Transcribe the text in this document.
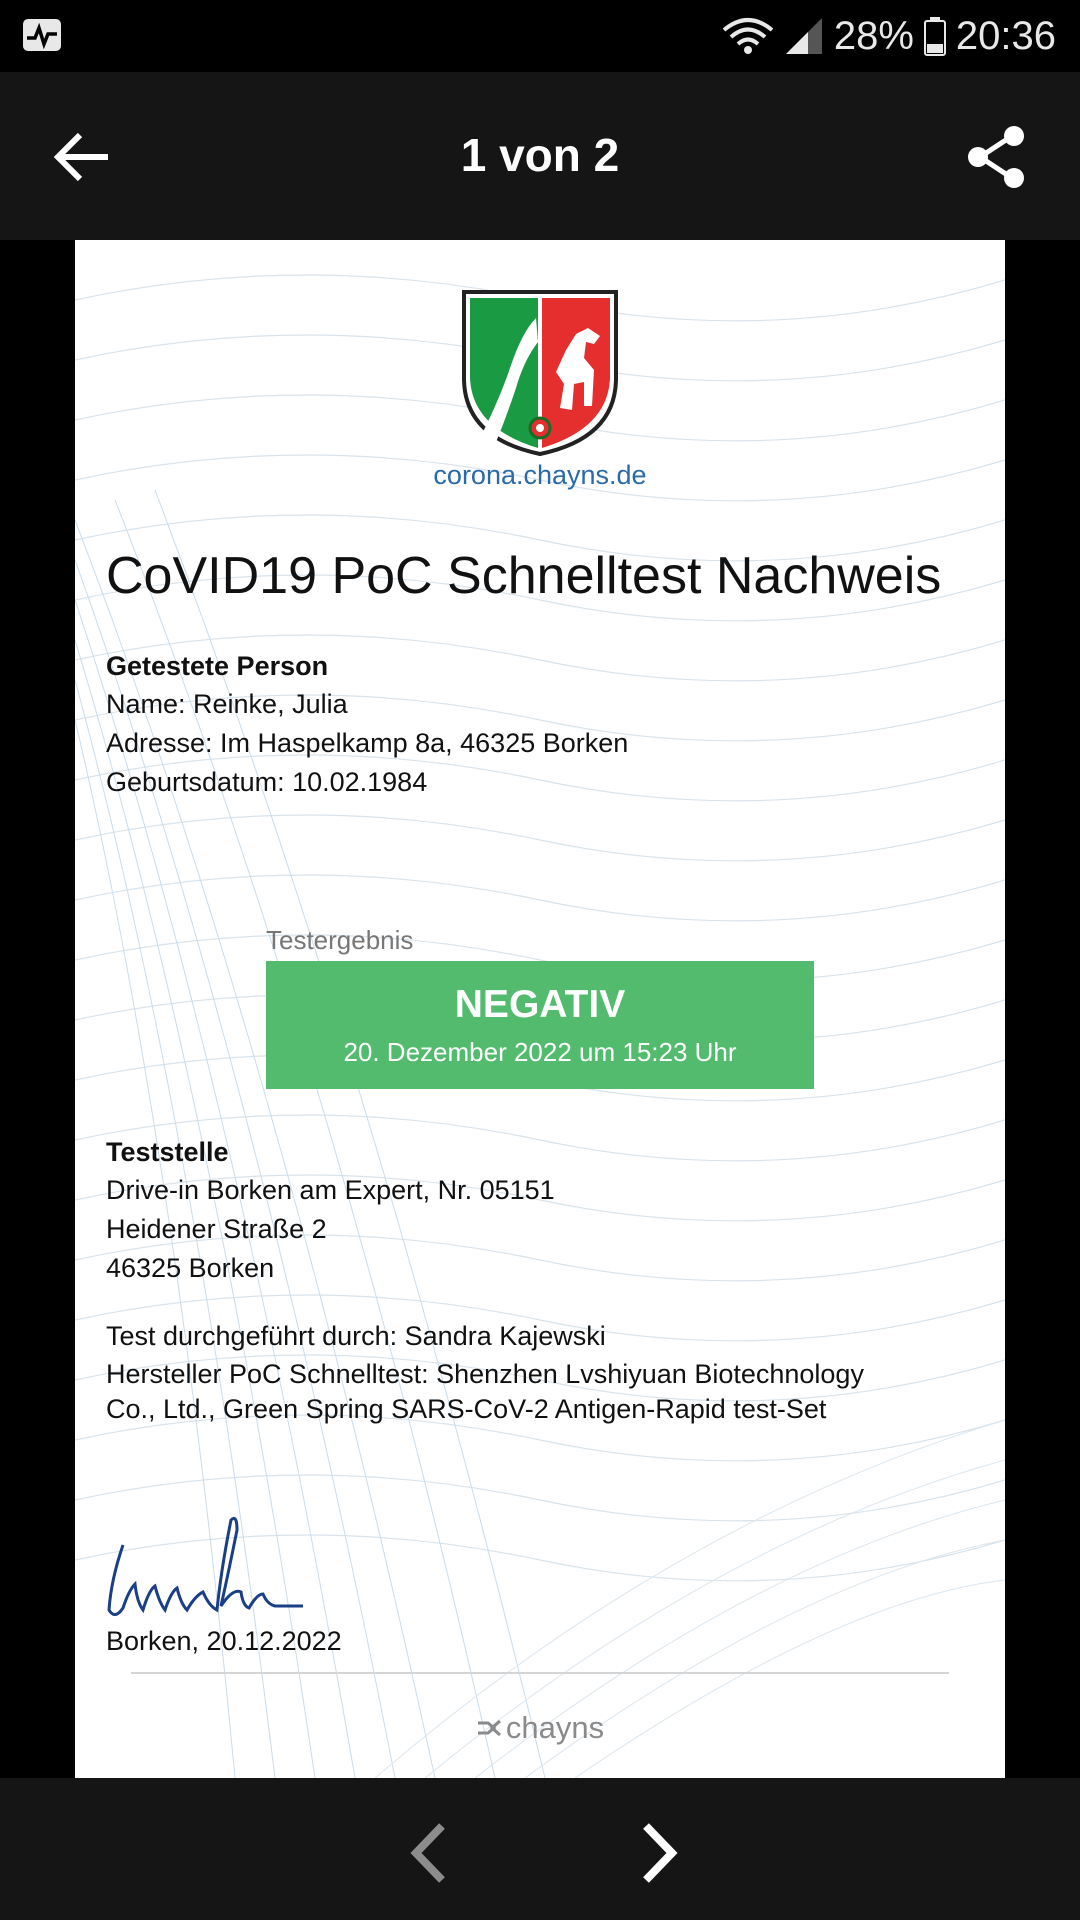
28% 20:36
1 von 2
corona.chayns.de
CoVID19 PoC Schnelltest Nachweis
Getestete Person
Name: Reinke, Julia
Adresse: Im Haspelkamp 8a, 46325 Borken
Geburtsdatum: 10.02.1984
Testergebnis
NEGATIV
20. Dezember 2022 um 15:23 Uhr
Teststelle
Drive-in Borken am Expert, Nr. 05151
Heidener Straße 2
46325 Borken
Test durchgeführt durch: Sandra Kajewski
Hersteller PoC Schnelltest: Shenzhen Lvshiyuan Biotechnology
Co., Ltd., Green Spring SARS-CoV-2 Antigen-Rapid test-Set
Borken, 20.12.2022
chayns
